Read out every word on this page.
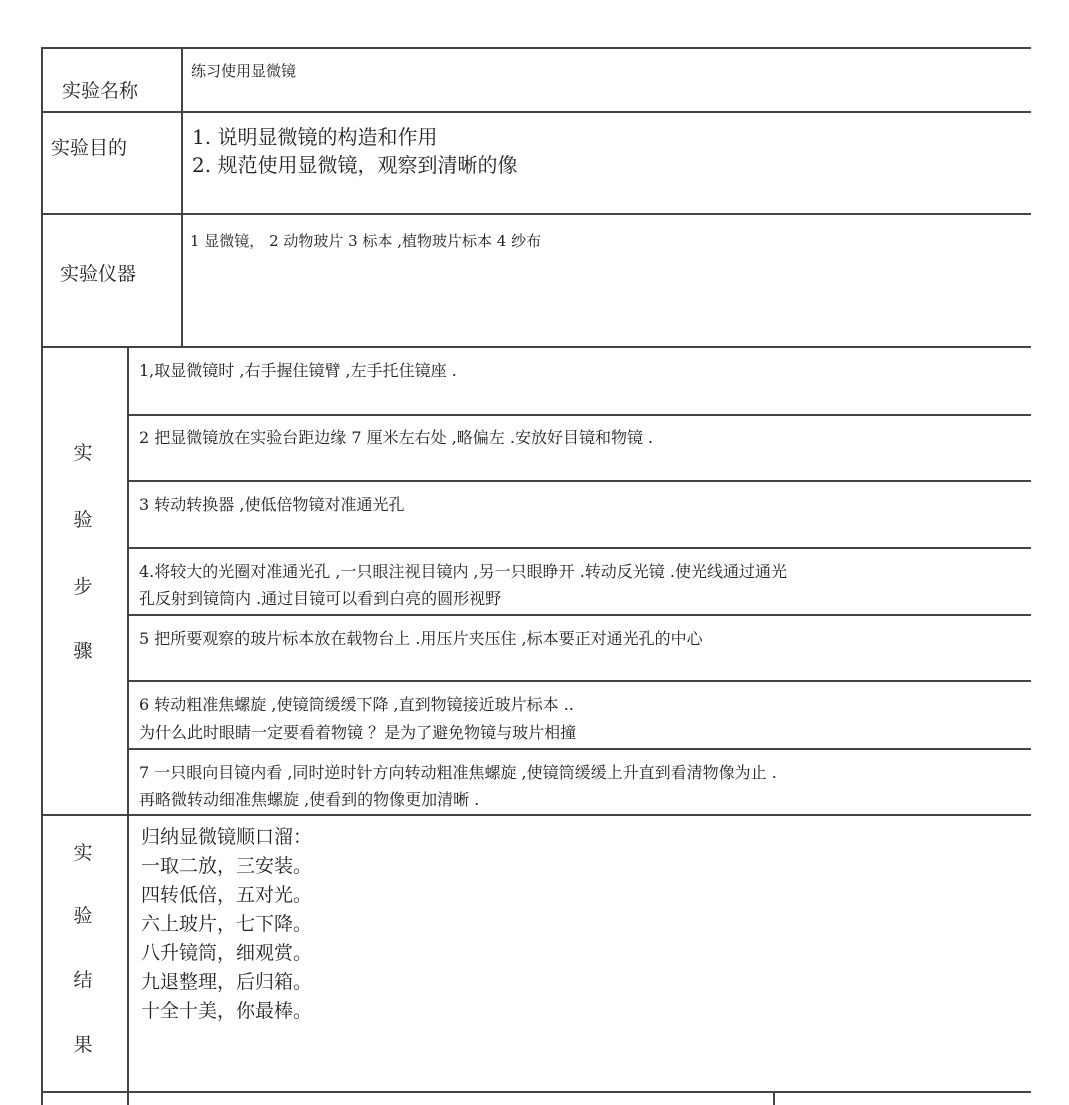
实验名称
练习使用显微镜
实验目的	1. 说明显微镜的构造和作用
2. 规范使用显微镜，观察到清晰的像
实验仪器
1 显微镜， 2 动物玻片 3 标本 ,植物玻片标本 4 纱布
实
验
步
骤
1,取显微镜时 ,右手握住镜臂 ,左手托住镜座 .
2 把显微镜放在实验台距边缘 7 厘米左右处 ,略偏左 .安放好目镜和物镜 .
3 转动转换器 ,使低倍物镜对准通光孔
4.将较大的光圈对准通光孔 ,一只眼注视目镜内 ,另一只眼睁开 .转动反光镜 .使光线通过通光
孔反射到镜筒内 .通过目镜可以看到白亮的圆形视野
5 把所要观察的玻片标本放在载物台上 .用压片夹压住 ,标本要正对通光孔的中心
6 转动粗准焦螺旋 ,使镜筒缓缓下降 ,直到物镜接近玻片标本 ..
为什么此时眼睛一定要看着物镜 ？是为了避免物镜与玻片相撞
7 一只眼向目镜内看 ,同时逆时针方向转动粗准焦螺旋 ,使镜筒缓缓上升直到看清物像为止 .
再略微转动细准焦螺旋 ,使看到的物像更加清晰 .
实
验
结
果
归纳显微镜顺口溜：
一取二放，三安装。
四转低倍，五对光。
六上玻片，七下降。
八升镜筒，细观赏。
九退整理，后归箱。
十全十美，你最棒。
